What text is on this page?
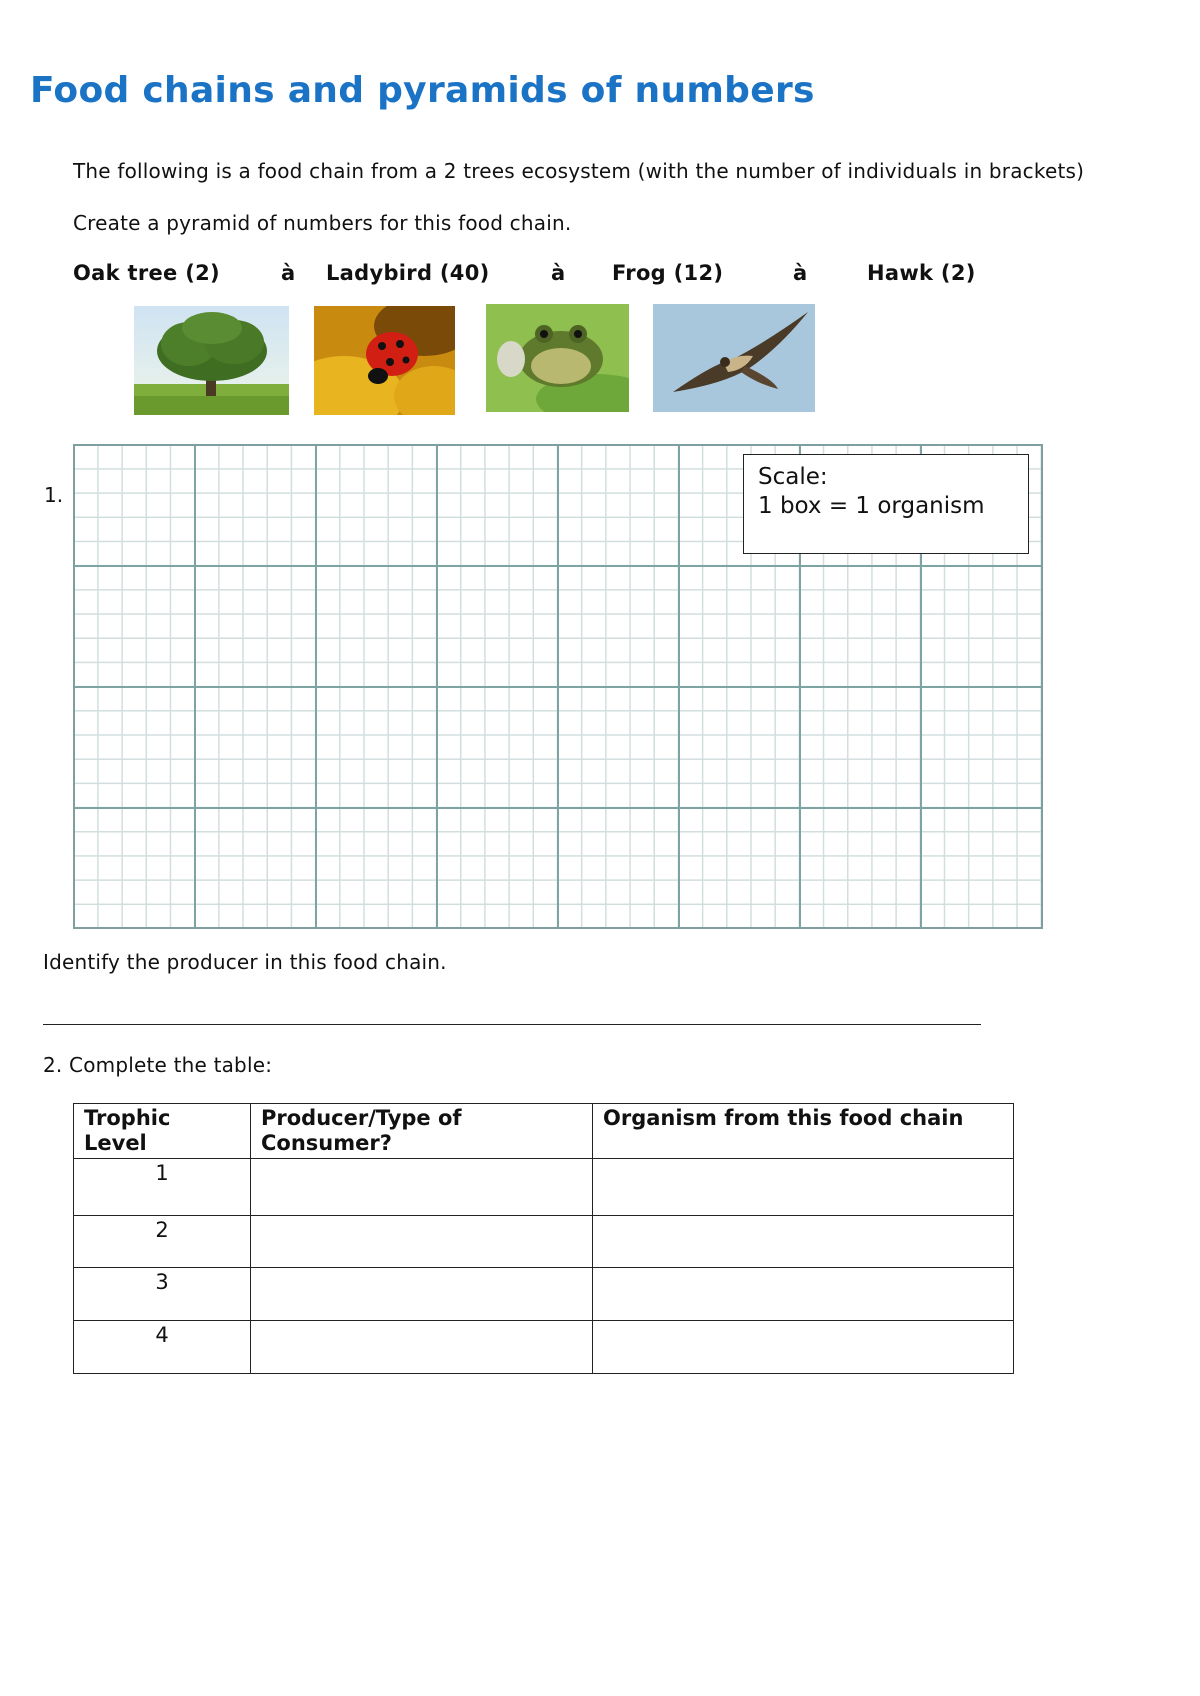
Food chains and pyramids of numbers
The following is a food chain from a 2 trees ecosystem (with the number of individuals in brackets)
Create a pyramid of numbers for this food chain.
Oak tree (2)	à Ladybird (40)	à Frog (12)	à	Hawk (2)
1.
Scale:
1 box = 1 organism
Identify the producer in this food chain.
2. Complete the table:
Trophic Level	Producer/Type of Consumer?	Organism from this food chain
1		
2		
3		
4		
